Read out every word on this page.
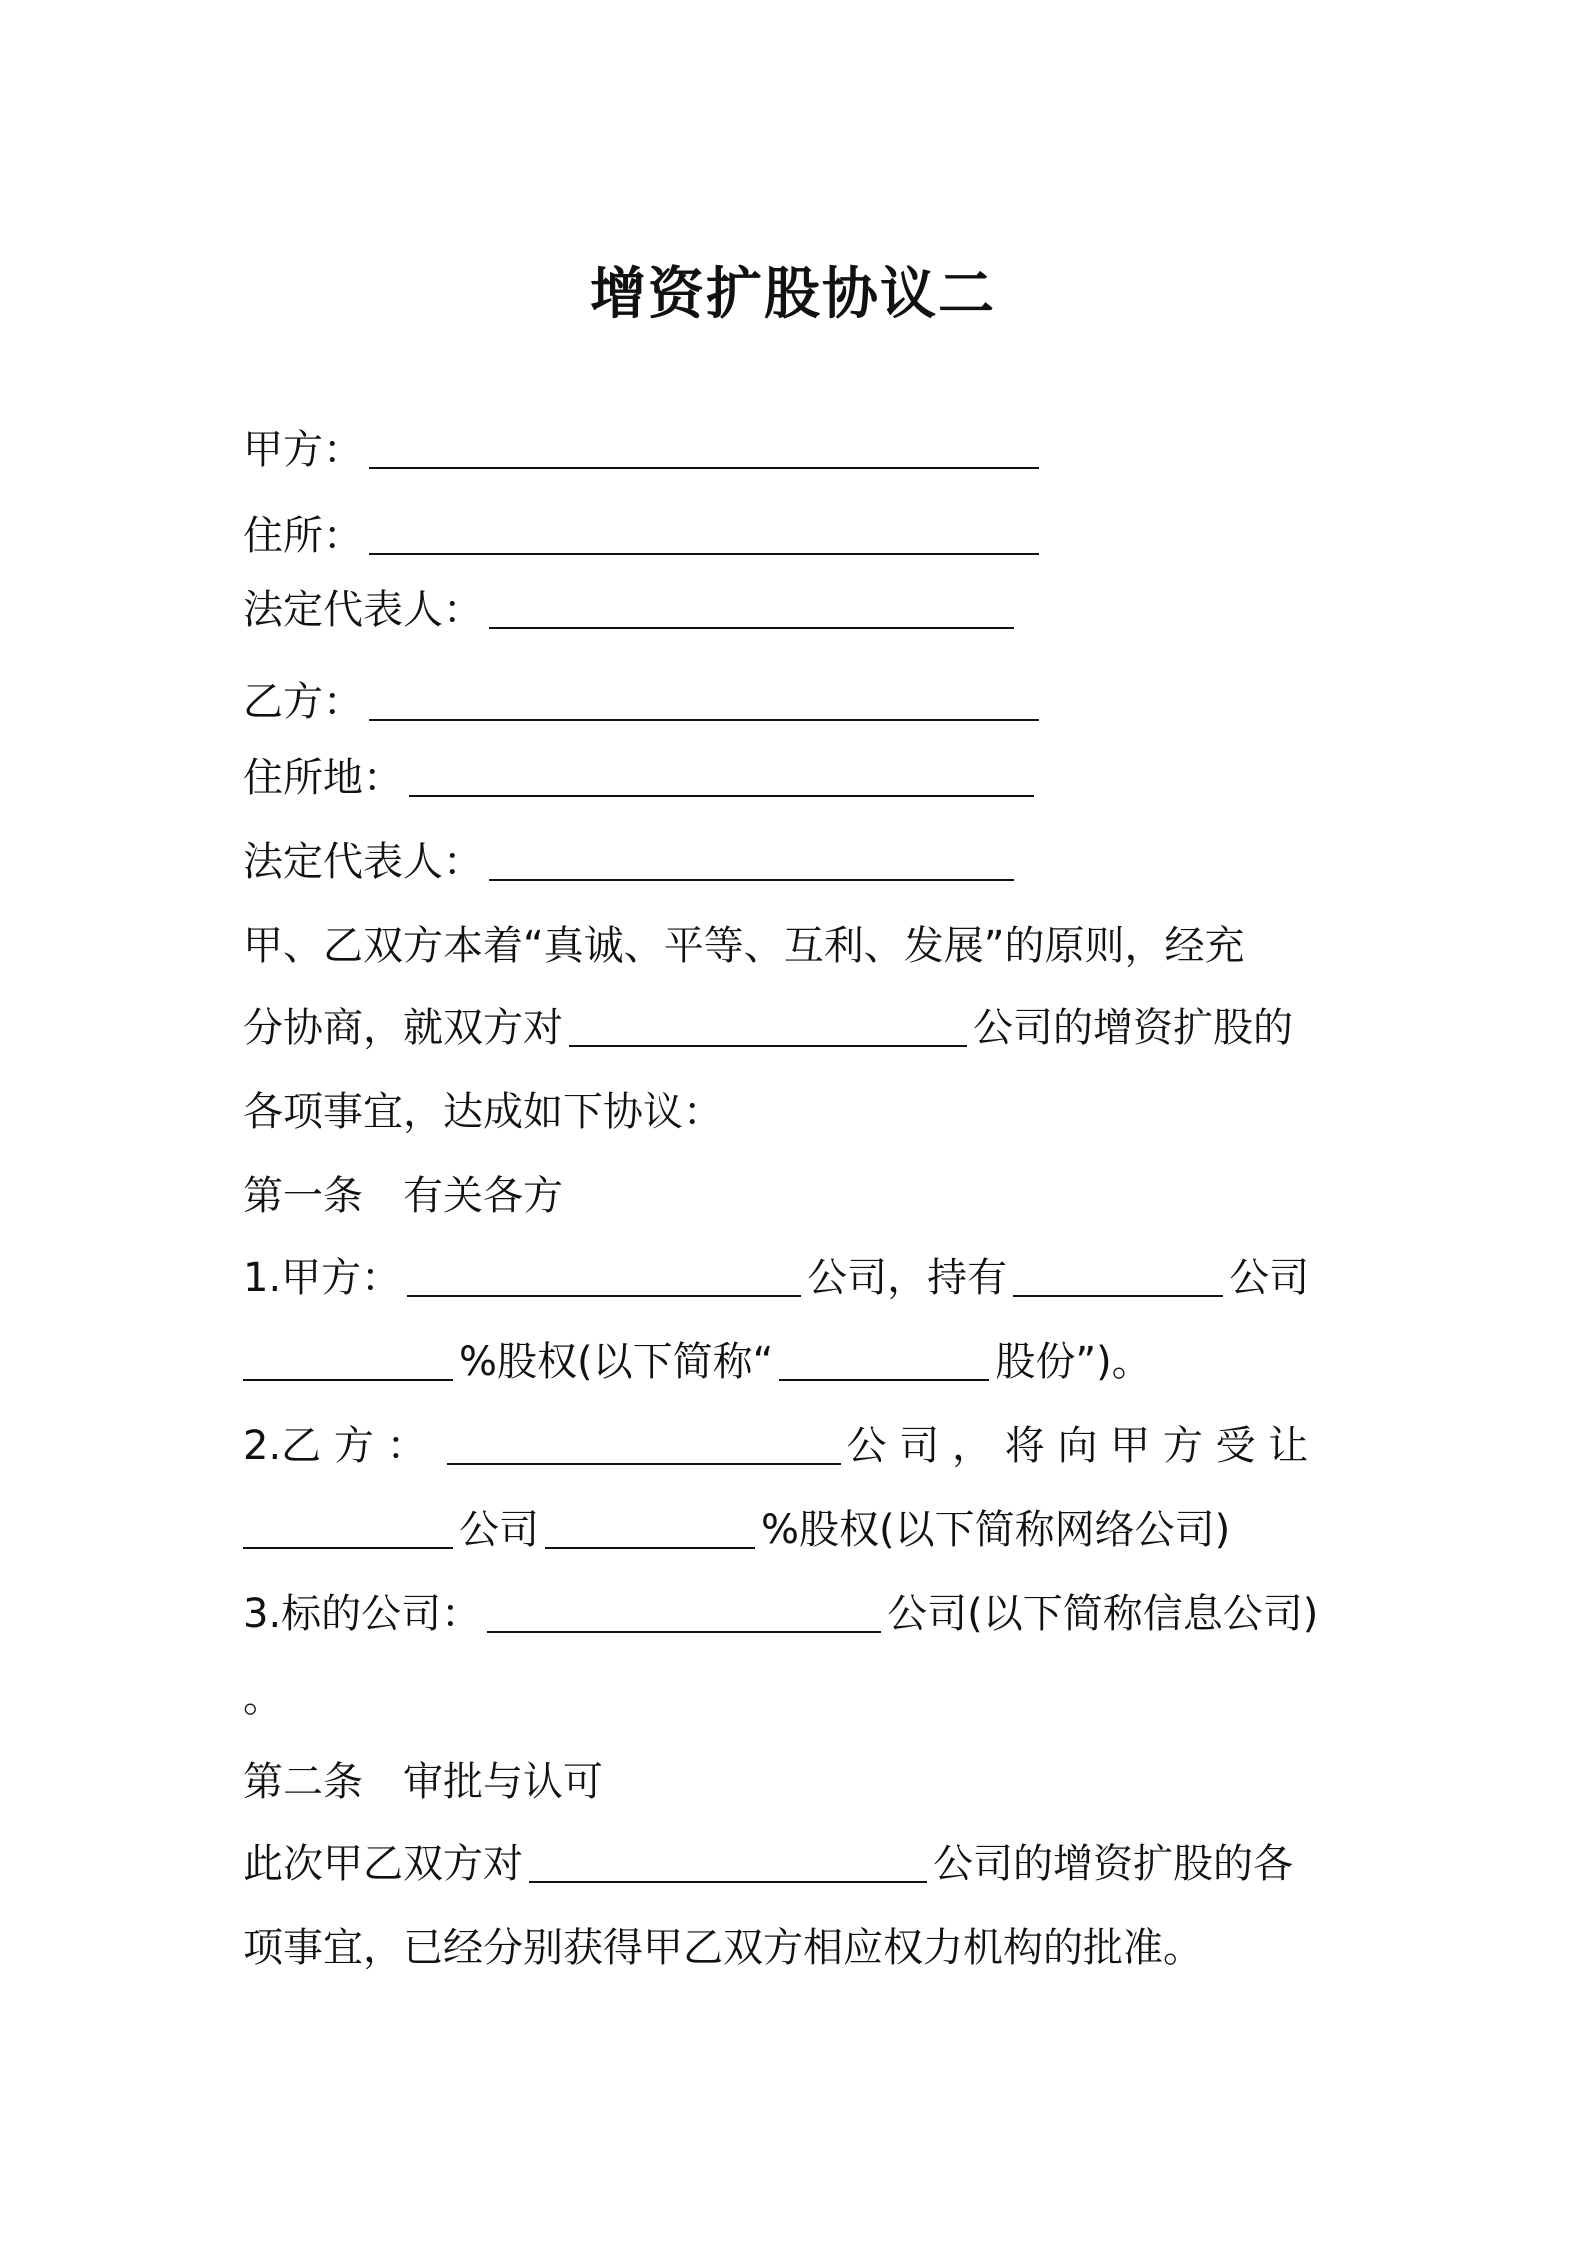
增资扩股协议二
甲方：
住所：
法定代表人：
乙方：
住所地：
法定代表人：
甲、乙双方本着“真诚、平等、互利、发展”的原则，经充
分协商，就双方对	公司的增资扩股的
各项事宜，达成如下协议：
第一条 有关各方
1.甲方：	公司，持有	公司
%股权(以下简称“	股份”)。
2.乙 方 ：	公 司 ， 将 向 甲 方 受 让
公司	%股权(以下简称网络公司)
3.标的公司：	公司(以下简称信息公司)
。
第二条 审批与认可
此次甲乙双方对	公司的增资扩股的各
项事宜，已经分别获得甲乙双方相应权力机构的批准。
